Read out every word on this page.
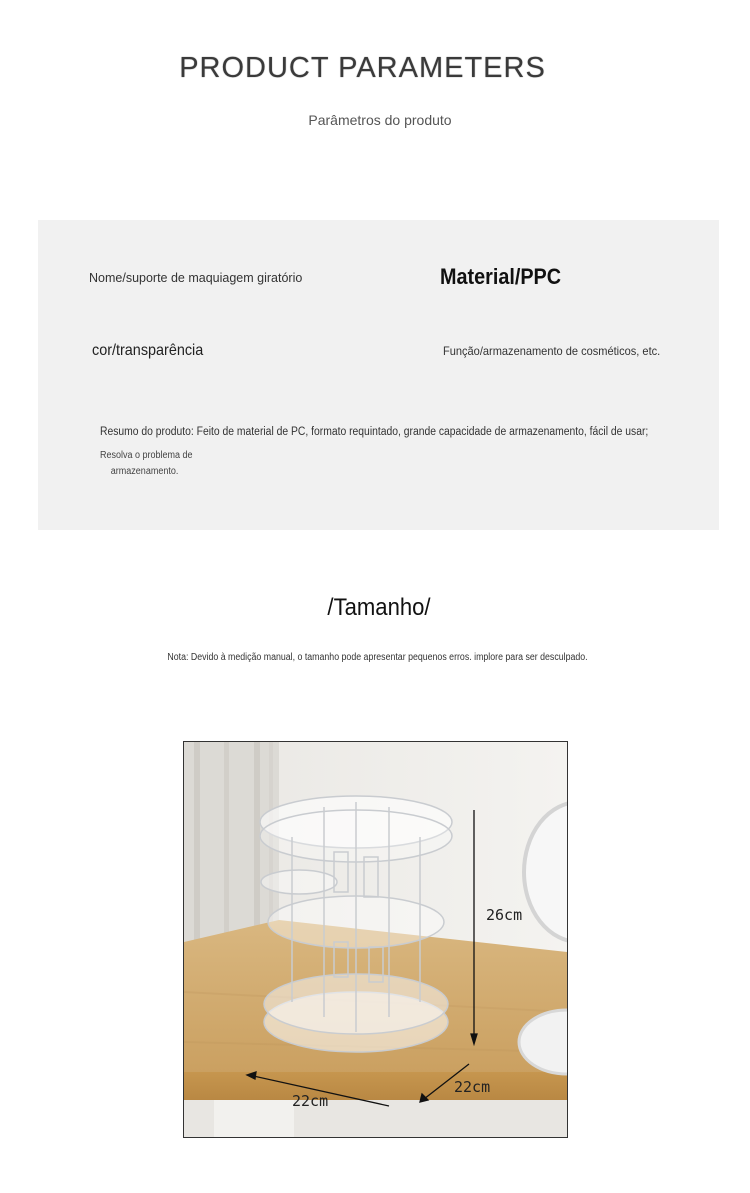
PRODUCT PARAMETERS
Parâmetros do produto
Nome/suporte de maquiagem giratório	Material/PPC
cor/transparência	Função/armazenamento de cosméticos, etc.
Resumo do produto: Feito de material de PC, formato requintado, grande capacidade de armazenamento, fácil de usar;
Resolva o problema de
armazenamento.
/Tamanho/
Nota: Devido à medição manual, o tamanho pode apresentar pequenos erros. implore para ser desculpado.
26cm
22cm
22cm
